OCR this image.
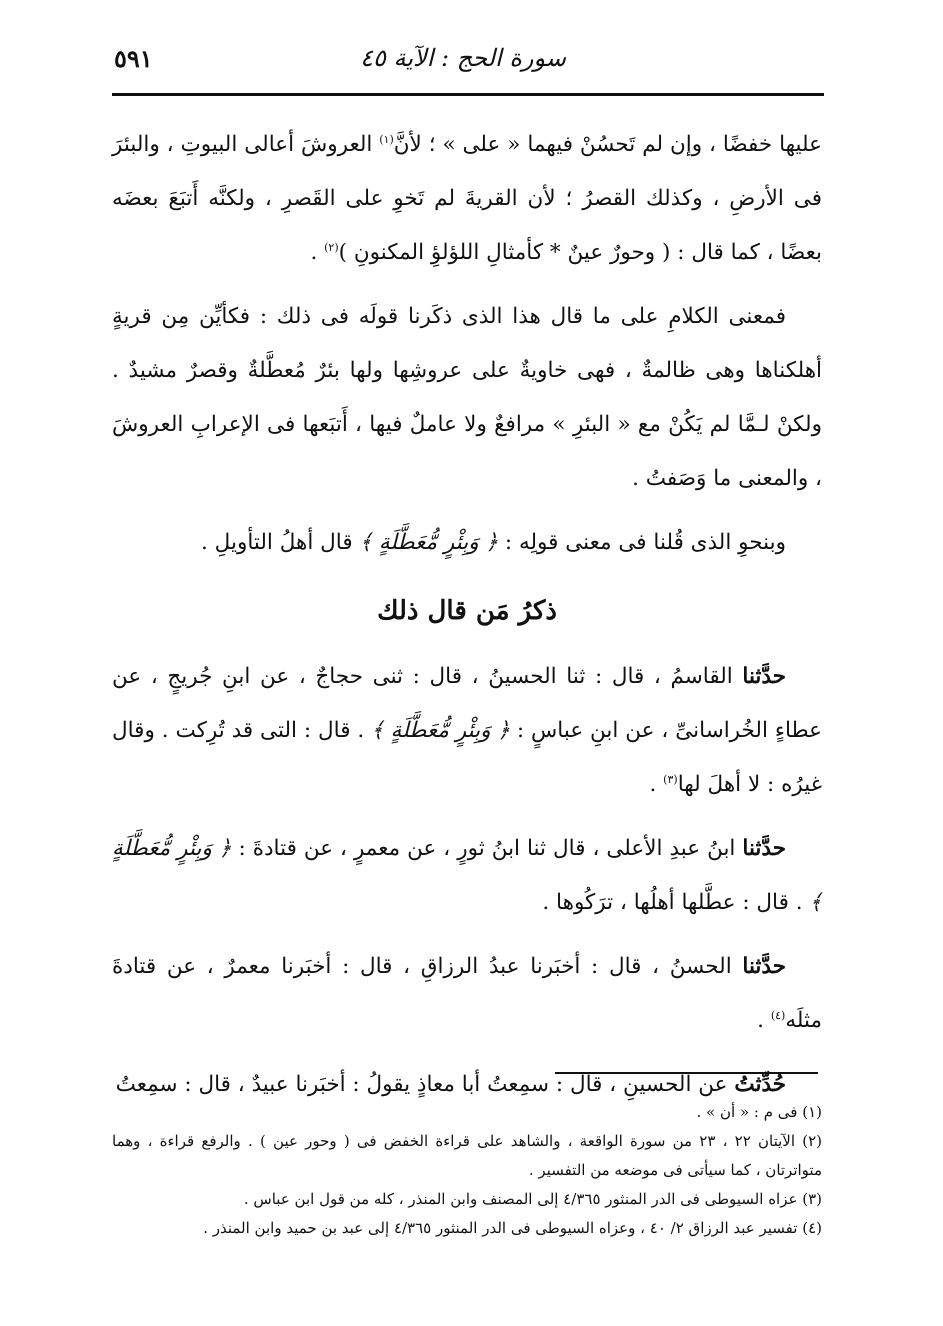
سورة الحج : الآية ٤٥
٥٩١

عليها خفضًا ، وإن لم تَحسُنْ فيهما « على » ؛ لأنَّ$^{(١)}$ العروشَ أعالى البيوتِ ، والبئرَ فى الأرضِ ، وكذلك القصرُ ؛ لأن القريةَ لم تَخوِ على القَصرِ ، ولكنَّه أَتبَعَ بعضَه بعضًا ، كما قال : ( وحورٌ عينٌ * كأمثالِ اللؤلؤِ المكنونِ )$^{(٢)}$ .

فمعنى الكلامِ على ما قال هذا الذى ذكَرنا قولَه فى ذلك : فكأيِّن مِن قريةٍ أهلكناها وهى ظالمةٌ ، فهى خاويةٌ على عروشِها ولها بئرٌ مُعطَّلةٌ وقصرٌ مشيدٌ . ولكنْ لـمَّا لم يَكُنْ مع « البئرِ » مرافعٌ ولا عاملٌ فيها ، أَتبَعها فى الإعرابِ العروشَ ، والمعنى ما وَصَفتُ .

وبنحوِ الذى قُلنا فى معنى قولِه : ﴿ وَبِئْرٍ مُّعَطَّلَةٍ ﴾ قال أهلُ التأويلِ .

ذكرُ مَن قال ذلك

حدَّثنا القاسمُ ، قال : ثنا الحسينُ ، قال : ثنى حجاجٌ ، عن ابنِ جُريجٍ ، عن عطاءٍ الخُراسانىِّ ، عن ابنِ عباسٍ : ﴿ وَبِئْرٍ مُّعَطَّلَةٍ ﴾ . قال : التى قد تُرِكت . وقال غيرُه : لا أهلَ لها$^{(٣)}$ .

حدَّثنا ابنُ عبدِ الأعلى ، قال ثنا ابنُ ثورٍ ، عن معمرٍ ، عن قتادةَ : ﴿ وَبِئْرٍ مُّعَطَّلَةٍ ﴾ . قال : عطَّلها أهلُها ، ترَكُوها .

حدَّثنا الحسنُ ، قال : أخبَرنا عبدُ الرزاقِ ، قال : أخبَرنا معمرٌ ، عن قتادةَ مثلَه$^{(٤)}$ .

حُدِّثتُ عن الحسينِ ، قال : سمِعتُ أبا معاذٍ يقولُ : أخبَرنا عبيدٌ ، قال : سمِعتُ

(١) فى م : « أن » .

(٢) الآيتان ٢٢ ، ٢٣ من سورة الواقعة ، والشاهد على قراءة الخفض فى ( وحور عين ) . والرفع قراءة ، وهما متواترتان ، كما سيأتى فى موضعه من التفسير .

(٣) عزاه السيوطى فى الدر المنثور ٤/٣٦٥ إلى المصنف وابن المنذر ، كله من قول ابن عباس .

(٤) تفسير عبد الرزاق ٢/ ٤٠ ، وعزاه السيوطى فى الدر المنثور ٤/٣٦٥ إلى عبد بن حميد وابن المنذر .
